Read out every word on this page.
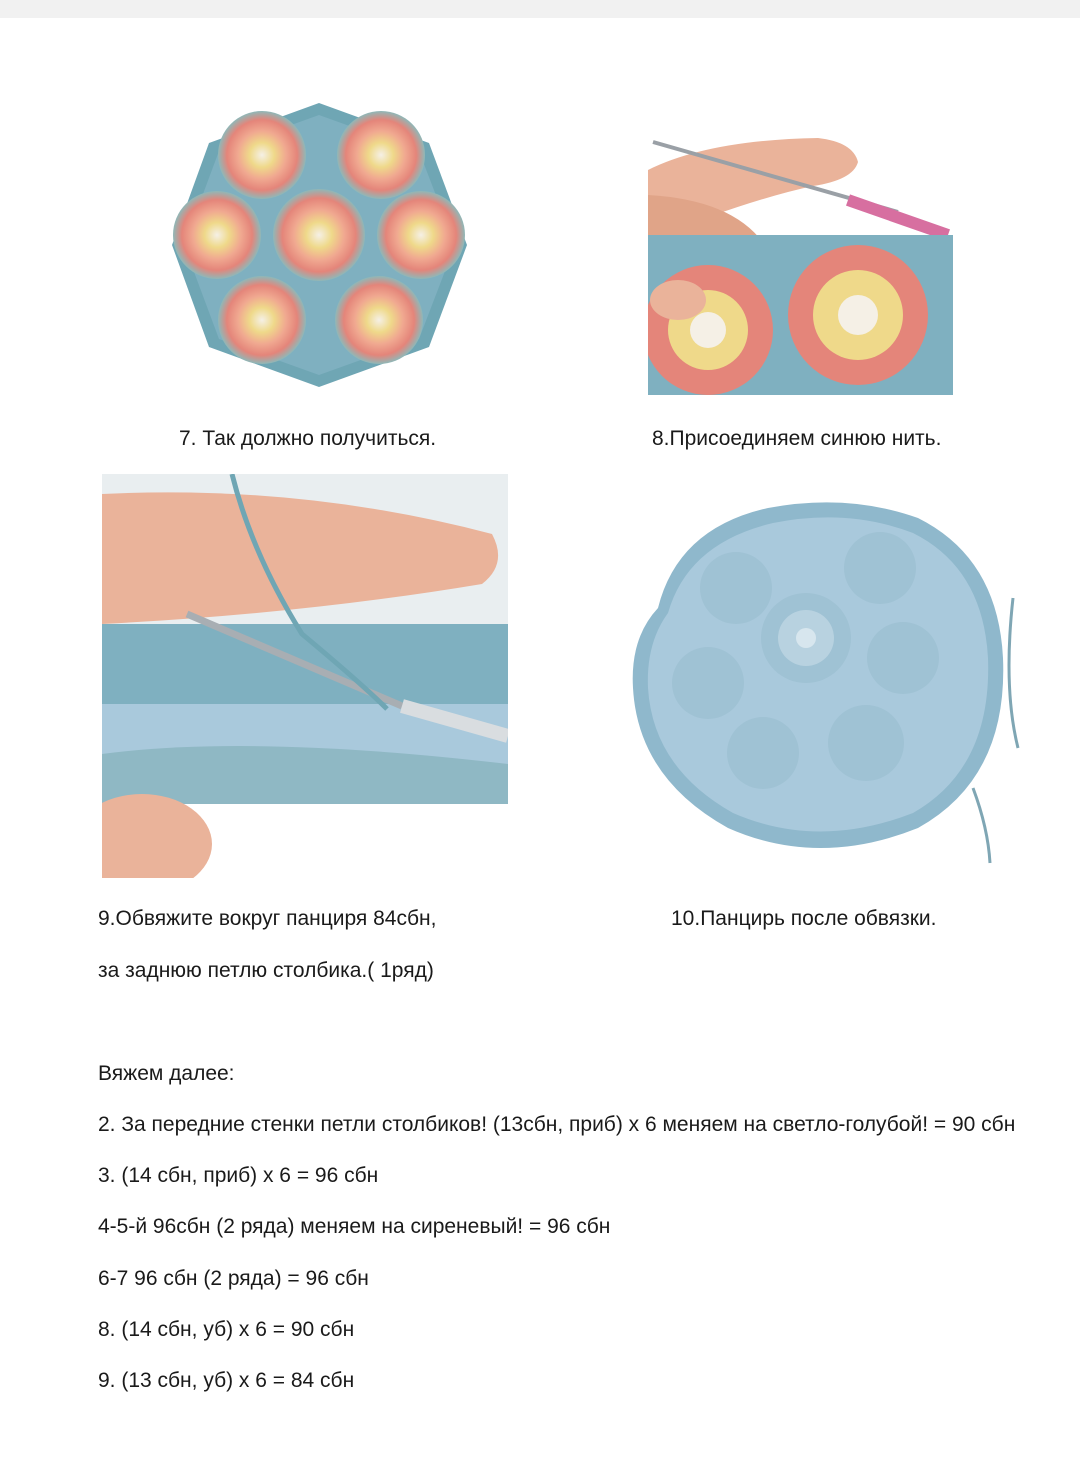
7. Так должно получиться.	8.Присоединяем синюю нить.
9.Обвяжите вокруг панциря 84сбн,
за заднюю петлю столбика.( 1ряд)
10.Панцирь после обвязки.
Вяжем далее:
2. За передние стенки петли столбиков! (13сбн, приб) х 6 меняем на светло-голубой! = 90 сбн
3. (14 сбн, приб) х 6 = 96 сбн
4-5-й 96сбн (2 ряда) меняем на сиреневый! = 96 сбн
6-7 96 сбн (2 ряда) = 96 сбн
8. (14 сбн, уб) х 6 = 90 сбн
9. (13 сбн, уб) х 6 = 84 сбн
